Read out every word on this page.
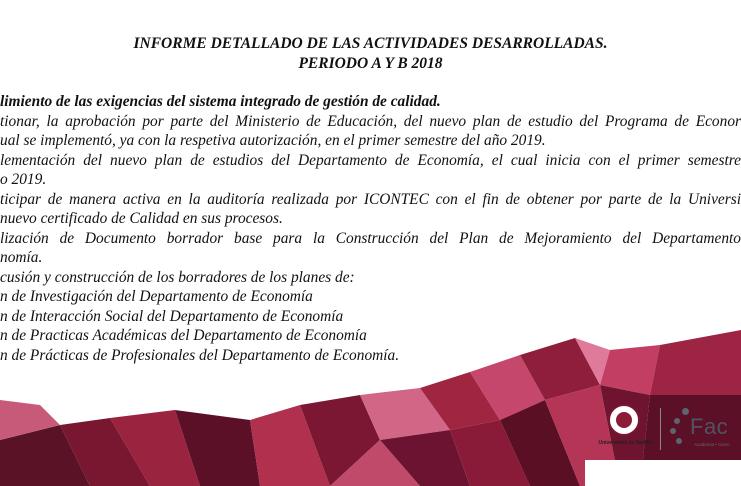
INFORME DETALLADO DE LAS ACTIVIDADES DESARROLLADAS.
PERIODO A Y B 2018
limiento de las exigencias del sistema integrado de gestión de calidad.
tionar, la aprobación por parte del Ministerio de Educación, del nuevo plan de estudio del Programa de Econor
ual se implementó, ya con la respetiva autorización, en el primer semestre del año 2019.
lementación del nuevo plan de estudios del Departamento de Economía, el cual inicia con el primer semestre
o 2019.
ticipar de manera activa en la auditoría realizada por ICONTEC con el fin de obtener por parte de la Universi
nuevo certificado de Calidad en sus procesos.
lización de Documento borrador base para la Construcción del Plan de Mejoramiento del Departamento
nomía.
cusión y construcción de los borradores de los planes de:
n de Investigación del Departamento de Economía
n de Interacción Social del Departamento de Economía
n de Practicas Académicas del Departamento de Economía
n de Prácticas de Profesionales del Departamento de Economía.
Universidad de Nariño
Fac
Academia • Cienc
